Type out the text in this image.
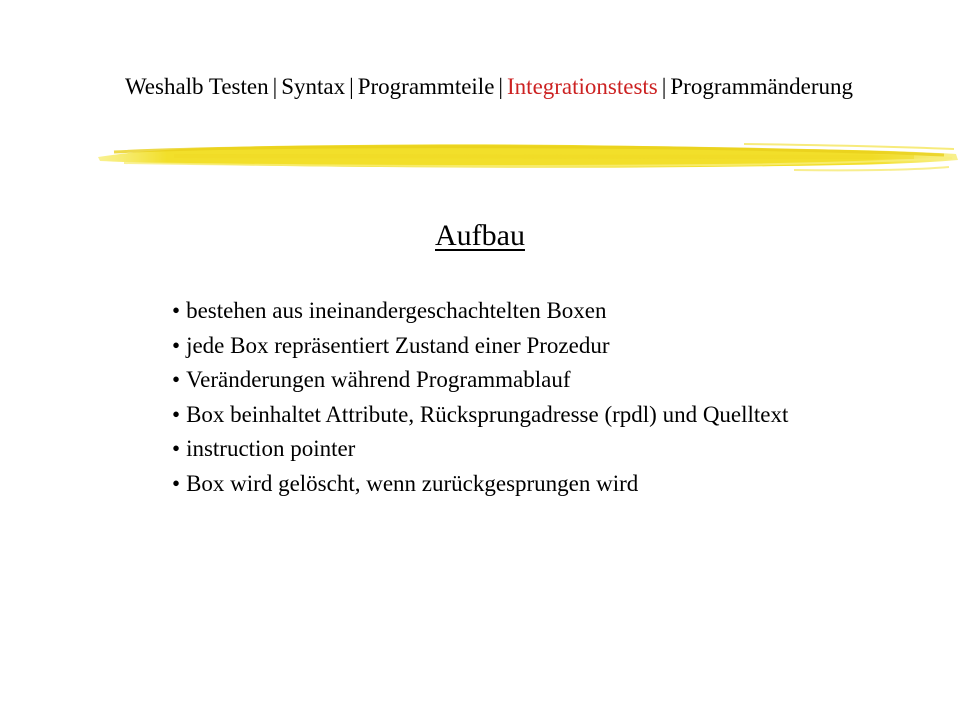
Weshalb Testen | Syntax | Programmteile | Integrationstests | Programmänderung
Aufbau
• bestehen aus ineinandergeschachtelten Boxen
• jede Box repräsentiert Zustand einer Prozedur
• Veränderungen während Programmablauf
• Box beinhaltet Attribute, Rücksprungadresse (rpdl) und Quelltext
• instruction pointer
• Box wird gelöscht, wenn zurückgesprungen wird
